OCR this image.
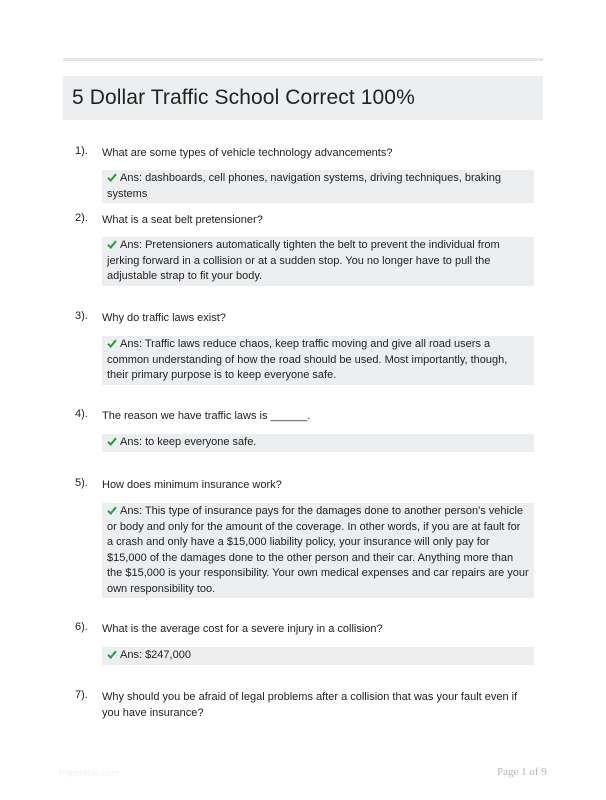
5 Dollar Traffic School Correct 100%
1). What are some types of vehicle technology advancements?

Ans: dashboards, cell phones, navigation systems, driving techniques, braking systems
2). What is a seat belt pretensioner?

Ans: Pretensioners automatically tighten the belt to prevent the individual from jerking forward in a collision or at a sudden stop. You no longer have to pull the adjustable strap to fit your body.
3). Why do traffic laws exist?

Ans: Traffic laws reduce chaos, keep traffic moving and give all road users a common understanding of how the road should be used. Most importantly, though, their primary purpose is to keep everyone safe.
4). The reason we have traffic laws is ______.

Ans: to keep everyone safe.
5). How does minimum insurance work?

Ans: This type of insurance pays for the damages done to another person's vehicle or body and only for the amount of the coverage. In other words, if you are at fault for a crash and only have a $15,000 liability policy, your insurance will only pay for $15,000 of the damages done to the other person and their car. Anything more than the $15,000 is your responsibility. Your own medical expenses and car repairs are your own responsibility too.
6). What is the average cost for a severe injury in a collision?

Ans: $247,000
7). Why should you be afraid of legal problems after a collision that was your fault even if you have insurance?

Papertible.com	Page 1 of 9
